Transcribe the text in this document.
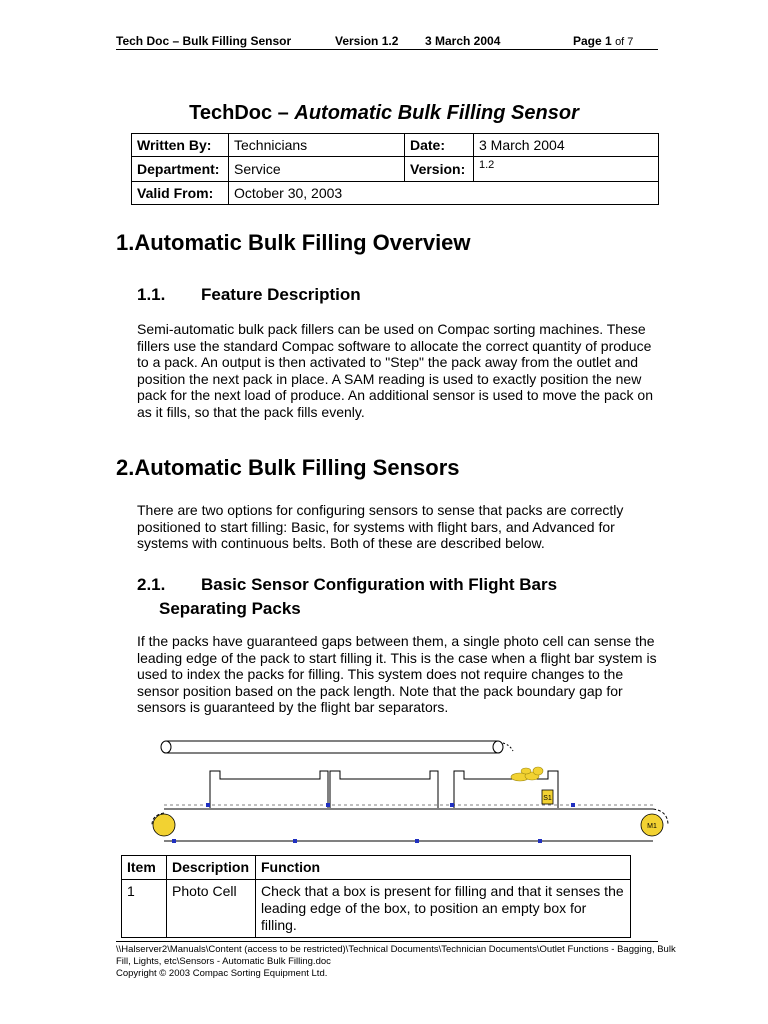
Tech Doc – Bulk Filling Sensor	Version 1.2 3 March 2004	Page 1 of 7
TechDoc – Automatic Bulk Filling Sensor
Written By:	Technicians	Date:	3 March 2004
Department:	Service	Version:	1.2
Valid From:	October 30, 2003		
1.Automatic Bulk Filling Overview
1.1. Feature Description
Semi-automatic bulk pack fillers can be used on Compac sorting machines. These fillers use the standard Compac software to allocate the correct quantity of produce to a pack. An output is then activated to "Step" the pack away from the outlet and position the next pack in place. A SAM reading is used to exactly position the new pack for the next load of produce. An additional sensor is used to move the pack on as it fills, so that the pack fills evenly.
2.Automatic Bulk Filling Sensors
There are two options for configuring sensors to sense that packs are correctly positioned to start filling: Basic, for systems with flight bars, and Advanced for systems with continuous belts. Both of these are described below.
2.1. Basic Sensor Configuration with Flight Bars
Separating Packs
If the packs have guaranteed gaps between them, a single photo cell can sense the leading edge of the pack to start filling it. This is the case when a flight bar system is used to index the packs for filling. This system does not require changes to the sensor position based on the pack length. Note that the pack boundary gap for sensors is guaranteed by the flight bar separators.
S1
M1
Item	Description	Function
1	Photo Cell	Check that a box is present for filling and that it senses the leading edge of the box, to position an empty box for filling.
\\Halserver2\Manuals\Content (access to be restricted)\Technical Documents\Technician Documents\Outlet Functions - Bagging, Bulk Fill, Lights, etc\Sensors - Automatic Bulk Filling.doc
Copyright © 2003 Compac Sorting Equipment Ltd.
